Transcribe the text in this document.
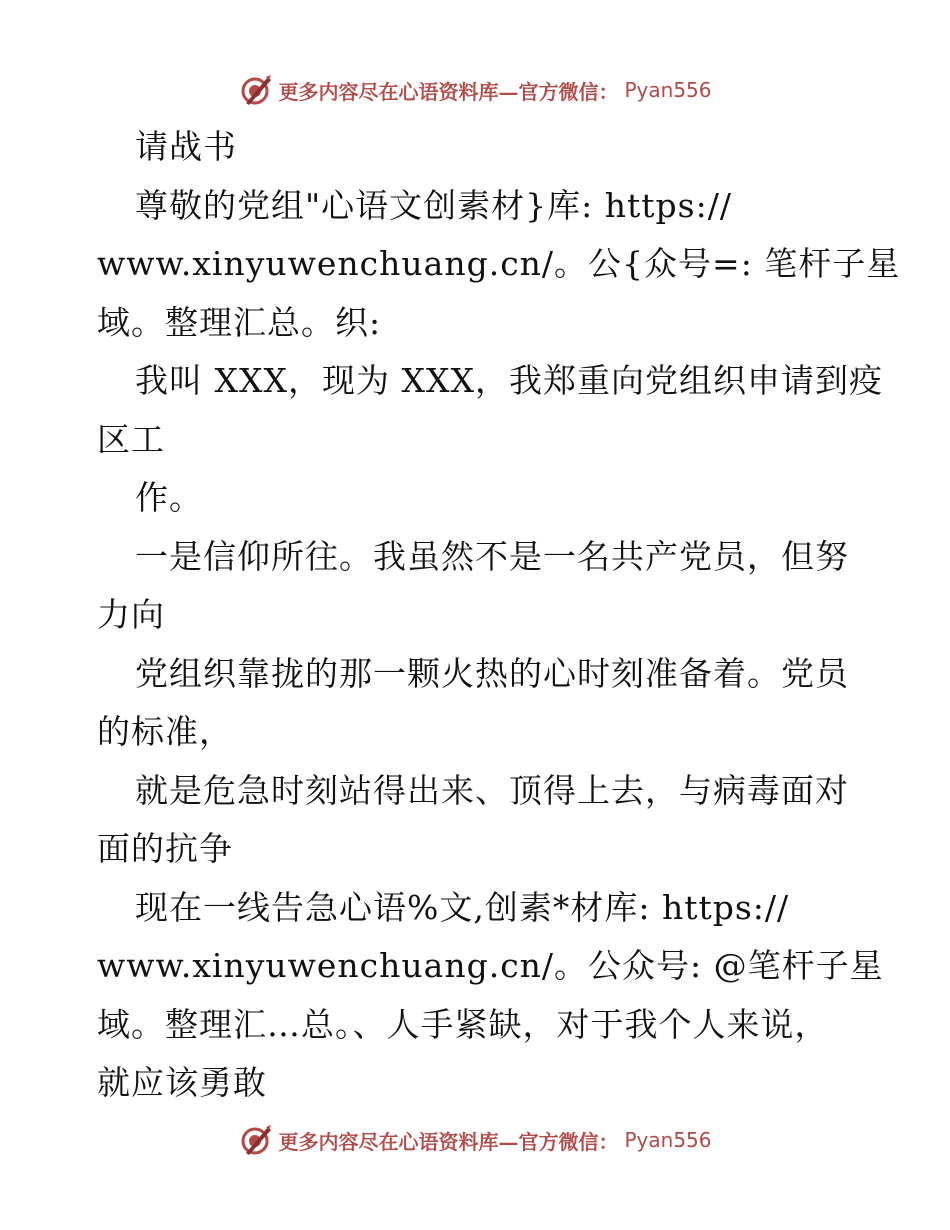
更多内容尽在心语资料库—官方微信： Pyan556
请战书
尊敬的党组"心语文创素材}库: https://
www.xinyuwenchuang.cn/。公{众号=: 笔杆子星
域。整理汇总。织:
我叫 XXX，现为 XXX，我郑重向党组织申请到疫
区工
作。
一是信仰所往。我虽然不是一名共产党员，但努
力向
党组织靠拢的那一颗火热的心时刻准备着。党员
的标准，
就是危急时刻站得出来、顶得上去，与病毒面对
面的抗争
现在一线告急心语%文,创素*材库: https://
www.xinyuwenchuang.cn/。公众号: @笔杆子星
域。整理汇…总。、人手紧缺，对于我个人来说，
就应该勇敢
更多内容尽在心语资料库—官方微信： Pyan556
